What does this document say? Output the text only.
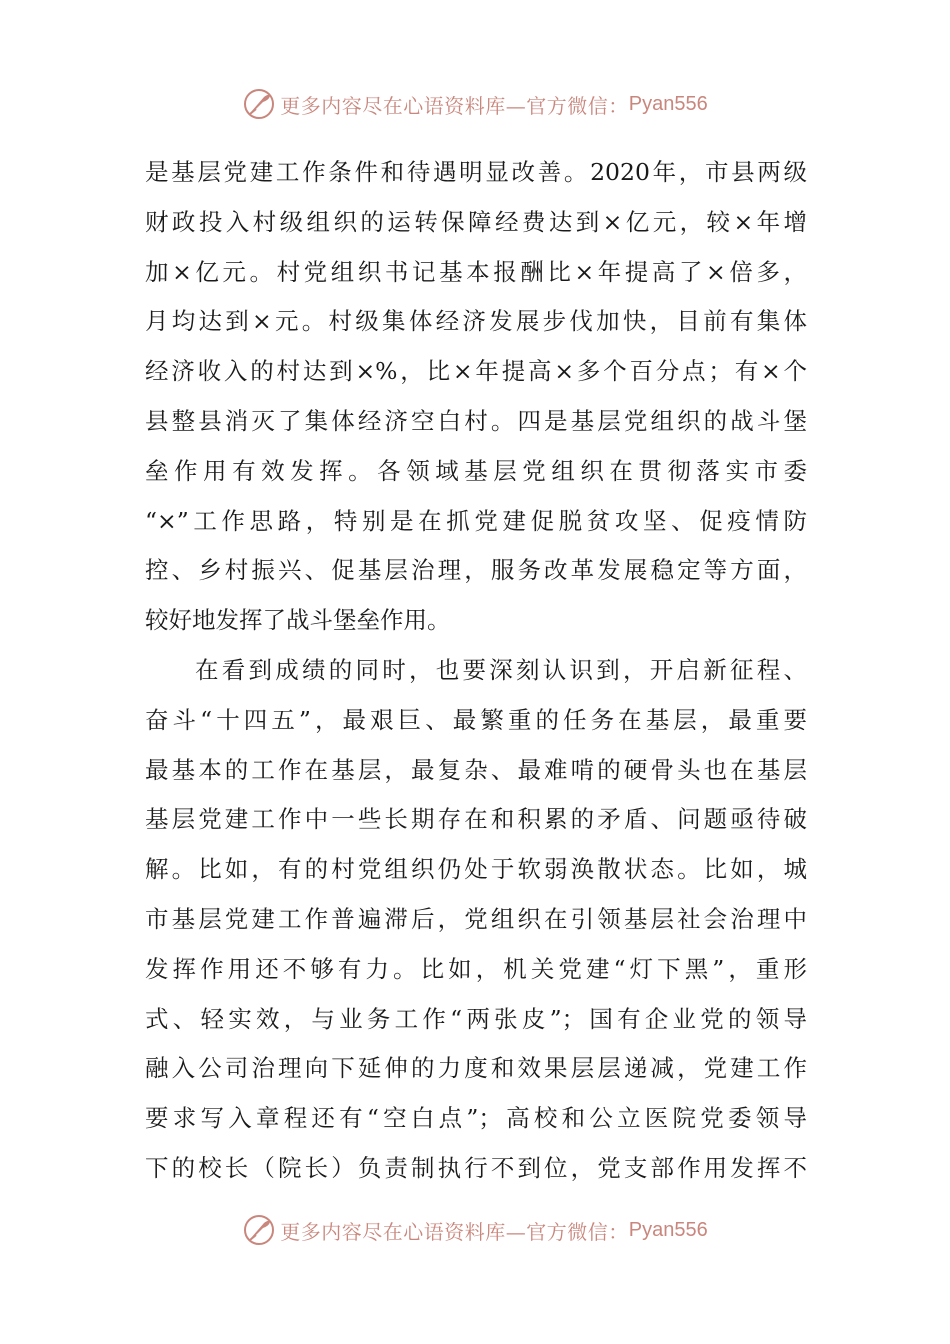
更多内容尽在心语资料库—官方微信： Pyan556
是基层党建工作条件和待遇明显改善。2020年，市县两级
财政投入村级组织的运转保障经费达到×亿元，较×年增
加×亿元。村党组织书记基本报酬比×年提高了×倍多，
月均达到×元。村级集体经济发展步伐加快，目前有集体
经济收入的村达到×%，比×年提高×多个百分点；有×个
县整县消灭了集体经济空白村。四是基层党组织的战斗堡
垒作用有效发挥。各领域基层党组织在贯彻落实市委
“×”工作思路，特别是在抓党建促脱贫攻坚、促疫情防
控、乡村振兴、促基层治理，服务改革发展稳定等方面，
较好地发挥了战斗堡垒作用。
在看到成绩的同时，也要深刻认识到，开启新征程、
奋斗“十四五”，最艰巨、最繁重的任务在基层，最重要
最基本的工作在基层，最复杂、最难啃的硬骨头也在基层
基层党建工作中一些长期存在和积累的矛盾、问题亟待破
解。比如，有的村党组织仍处于软弱涣散状态。比如，城
市基层党建工作普遍滞后，党组织在引领基层社会治理中
发挥作用还不够有力。比如，机关党建“灯下黑”，重形
式、轻实效，与业务工作“两张皮”；国有企业党的领导
融入公司治理向下延伸的力度和效果层层递减，党建工作
要求写入章程还有“空白点”；高校和公立医院党委领导
下的校长（院长）负责制执行不到位，党支部作用发挥不
更多内容尽在心语资料库—官方微信： Pyan556
